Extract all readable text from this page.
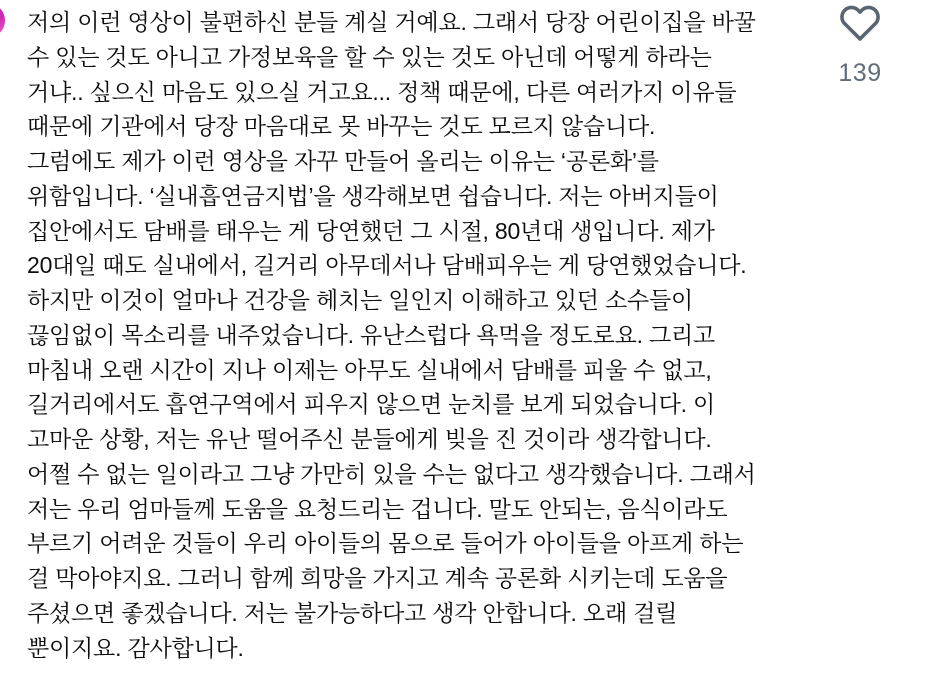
저의 이런 영상이 불편하신 분들 계실 거예요. 그래서 당장 어린이집을 바꿀
수 있는 것도 아니고 가정보육을 할 수 있는 것도 아닌데 어떻게 하라는
거냐.. 싶으신 마음도 있으실 거고요... 정책 때문에, 다른 여러가지 이유들
때문에 기관에서 당장 마음대로 못 바꾸는 것도 모르지 않습니다.
그럼에도 제가 이런 영상을 자꾸 만들어 올리는 이유는 ‘공론화’를
위함입니다. ‘실내흡연금지법’을 생각해보면 쉽습니다. 저는 아버지들이
집안에서도 담배를 태우는 게 당연했던 그 시절, 80년대 생입니다. 제가
20대일 때도 실내에서, 길거리 아무데서나 담배피우는 게 당연했었습니다.
하지만 이것이 얼마나 건강을 헤치는 일인지 이해하고 있던 소수들이
끊임없이 목소리를 내주었습니다. 유난스럽다 욕먹을 정도로요. 그리고
마침내 오랜 시간이 지나 이제는 아무도 실내에서 담배를 피울 수 없고,
길거리에서도 흡연구역에서 피우지 않으면 눈치를 보게 되었습니다. 이
고마운 상황, 저는 유난 떨어주신 분들에게 빚을 진 것이라 생각합니다.
어쩔 수 없는 일이라고 그냥 가만히 있을 수는 없다고 생각했습니다. 그래서
저는 우리 엄마들께 도움을 요청드리는 겁니다. 말도 안되는, 음식이라도
부르기 어려운 것들이 우리 아이들의 몸으로 들어가 아이들을 아프게 하는
걸 막아야지요. 그러니 함께 희망을 가지고 계속 공론화 시키는데 도움을
주셨으면 좋겠습니다. 저는 불가능하다고 생각 안합니다. 오래 걸릴
뿐이지요. 감사합니다.
139
